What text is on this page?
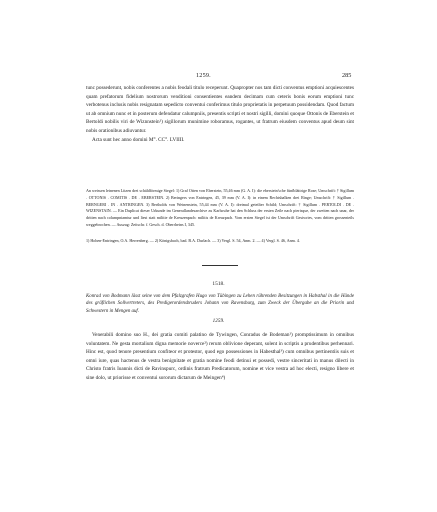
1259.	285

tunc possederunt, nobis conferentes a nobis feodali titulo receperunt. Quapropter nos tam dicti conventus emptioni acquiescentes quam prefatorum fidelium nostrorum venditioni consentientes eandem decimam cum ceteris bonis eorum emptioni tunc verbotenus inclusis nobis resignatam sepedicto conventui conferimus titulo proprietatis in perpetuum possidendam. Quod factum ut ab omnium nunc et in posterum defendatur calumpniis, presentis scripti et nostri sigilli, domini quoque Ottonis de Eberstein et Bertoldi nobilis viri de Wiznnstein¹) sigillorum munimine roboramus, rogantes, ut fratrum eiusdem conventus apud deum sint nobis orationibus adiuvantur.

Acta sunt hec anno domini M°. CC°. LVIIII.

An weissen leinenen Litzen drei schäldförmige Siegel: 1) Graf Otten von Eberstein, 55,46 mm (G. A. I): die eberstein'sche fünfblättrige Rose; Umschrift: † Sigillum . OTTONIS . COMITIS . DE . EBERSTEIN. 2) Beringers von Entringen, 45, 39 mm (V. A. I): in einem Rechtsbalken drei Ringe; Umschrift: † Sigillum . BERNGERI . IN . ANTRINGEN. 3) Bertholds von Weinenstein, 55,44 mm (V. A. I): dreimal geteilter Schild; Umschrift: † Sigillum . PERTOLDI . DE . WIZENSTAIN. — Ein Duplicat dieser Urkunde im Generallandesarchive zu Karlsruhe hat den Schluss der ersten Zeile nach pierisque, der zweiten nach unar, der dritten nach columpniamtur und liest statt militie de Kreuzenpach: militis de Kreuzpach. Vom ersten Siegel ist der Umschrift Gesiwries, vom dritten grossenteils weggebrochen. — Auszug: Zeitschr. f. Gesch. d. Oberrheins I, 345.
1) Hohen-Entringen, O.A. Herrenberg. — 2) Königsbach, bad. B.A. Durlach. — 3) Vergl. S. 54, Anm. 2. — 4) Vergl. S. 46, Anm. 4.
1518.
Konrad von Bodmann lässt seine von dem Pfalzgrafen Hugo von Tübingen zu Lehen rührenden Besitzungen in Habsthal in die Hände des gräflichen Sollvertreters, des Predigerordensbruders Johann von Ravensburg, zum Zweck der Übergabe an die Priorin und Schwestern in Mengen auf.
1259.

Venerabili domino suo H., dei gratia comiti palatino de Tywingen, Conradus de Bodeman¹) promptissimum in omnibus voluntatem. Ne gesta mortalium digna memorie noverce²) rerum oblivione deperant, solent in scriptis a prudentibus perhennari. Hinc est, quod tenore presentium confiteor et protestor, quod ego possessiones in Habesthal³) cum omnibus pertinentiis suis et omni iure, quas hactenus de vestra benignitate et gratia nomine feodi detinui et possedi, vestre sinceritati in manus dilecti in Christo fratris Ioannis dicti de Ravinspurc, ordinis fratrum Predicatorum, nomine et vice vestra ad hoc electi, resigno libere et sine dolo, ut priorisse et conventui sororum dictarum de Meingen⁴)
